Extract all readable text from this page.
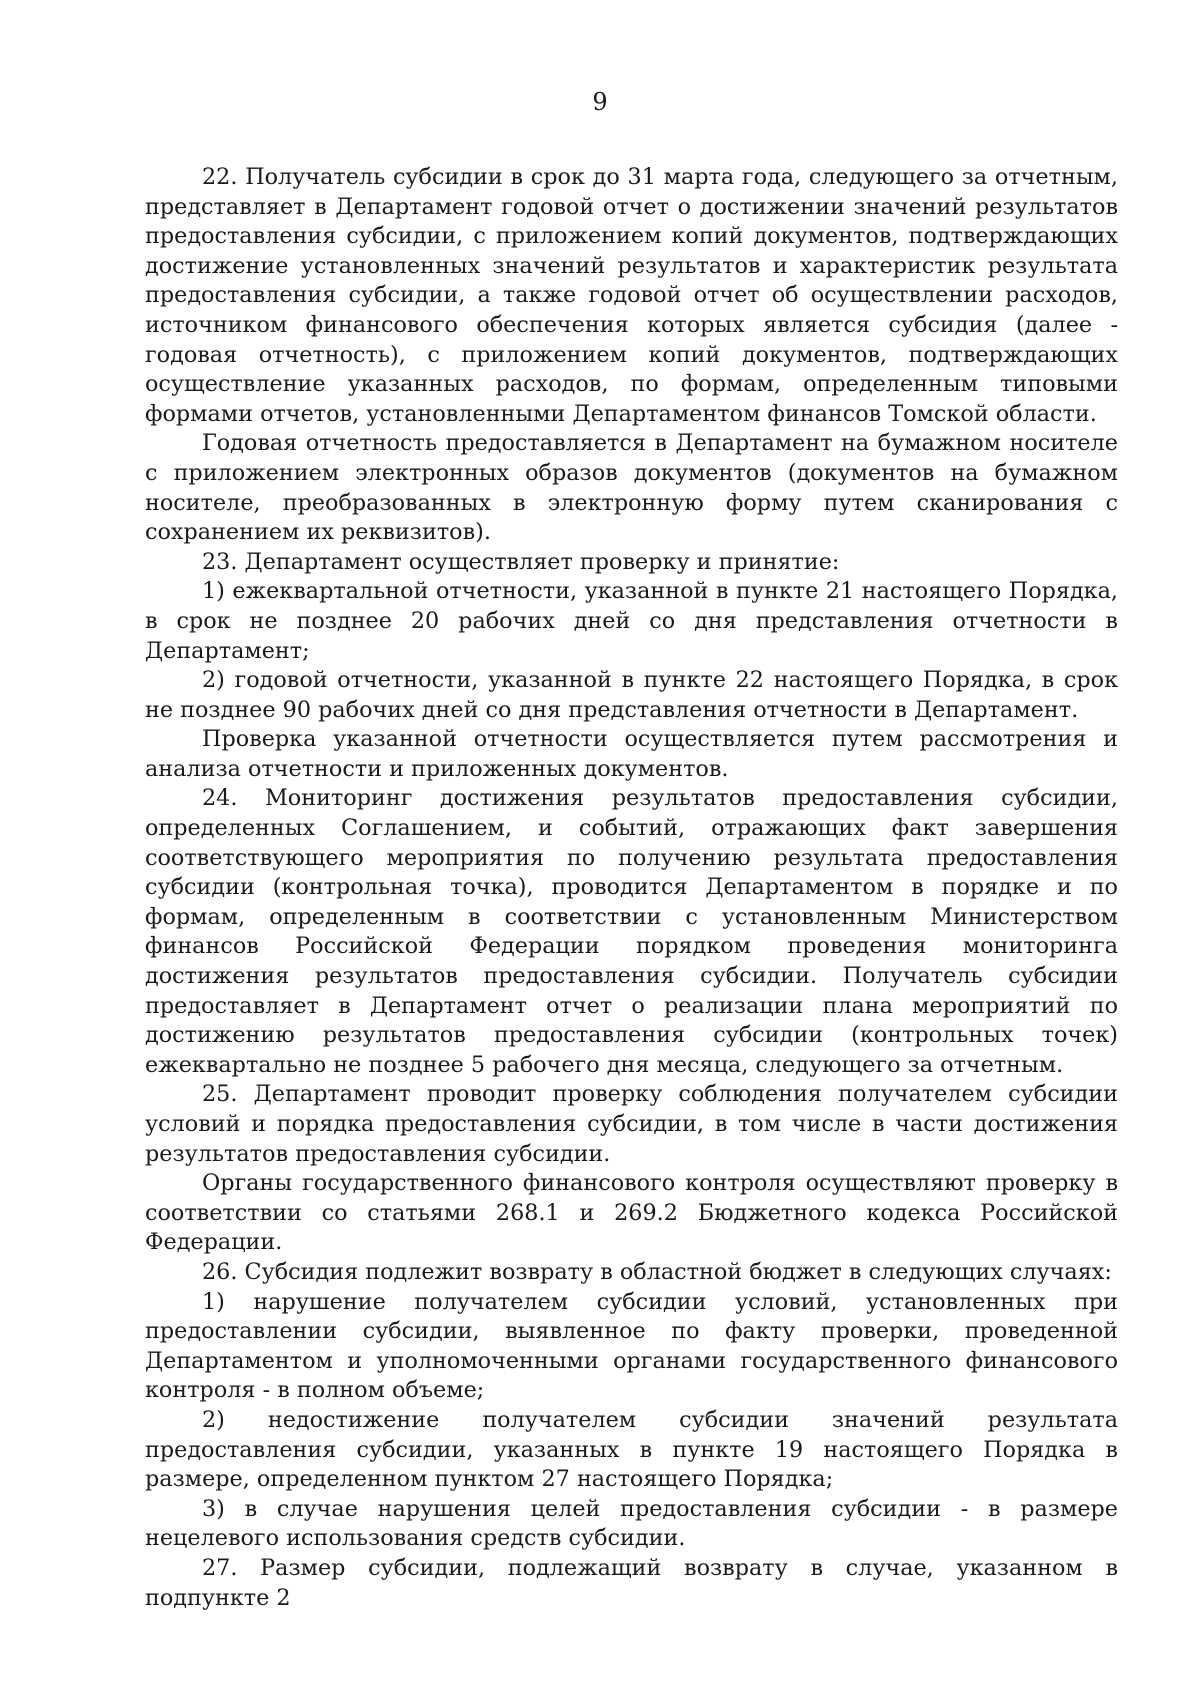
9

22. Получатель субсидии в срок до 31 марта года, следующего за отчетным, представляет в Департамент годовой отчет о достижении значений результатов предоставления субсидии, с приложением копий документов, подтверждающих достижение установленных значений результатов и характеристик результата предоставления субсидии, а также годовой отчет об осуществлении расходов, источником финансового обеспечения которых является субсидия (далее - годовая отчетность), с приложением копий документов, подтверждающих осуществление указанных расходов, по формам, определенным типовыми формами отчетов, установленными Департаментом финансов Томской области.

Годовая отчетность предоставляется в Департамент на бумажном носителе с приложением электронных образов документов (документов на бумажном носителе, преобразованных в электронную форму путем сканирования с сохранением их реквизитов).

23. Департамент осуществляет проверку и принятие:

1) ежеквартальной отчетности, указанной в пункте 21 настоящего Порядка, в срок не позднее 20 рабочих дней со дня представления отчетности в Департамент;

2) годовой отчетности, указанной в пункте 22 настоящего Порядка, в срок не позднее 90 рабочих дней со дня представления отчетности в Департамент.

Проверка указанной отчетности осуществляется путем рассмотрения и анализа отчетности и приложенных документов.

24. Мониторинг достижения результатов предоставления субсидии, определенных Соглашением, и событий, отражающих факт завершения соответствующего мероприятия по получению результата предоставления субсидии (контрольная точка), проводится Департаментом в порядке и по формам, определенным в соответствии с установленным Министерством финансов Российской Федерации порядком проведения мониторинга достижения результатов предоставления субсидии. Получатель субсидии предоставляет в Департамент отчет о реализации плана мероприятий по достижению результатов предоставления субсидии (контрольных точек) ежеквартально не позднее 5 рабочего дня месяца, следующего за отчетным.

25. Департамент проводит проверку соблюдения получателем субсидии условий и порядка предоставления субсидии, в том числе в части достижения результатов предоставления субсидии.

Органы государственного финансового контроля осуществляют проверку в соответствии со статьями 268.1 и 269.2 Бюджетного кодекса Российской Федерации.

26. Субсидия подлежит возврату в областной бюджет в следующих случаях:

1) нарушение получателем субсидии условий, установленных при предоставлении субсидии, выявленное по факту проверки, проведенной Департаментом и уполномоченными органами государственного финансового контроля - в полном объеме;

2) недостижение получателем субсидии значений результата предоставления субсидии, указанных в пункте 19 настоящего Порядка в размере, определенном пунктом 27 настоящего Порядка;

3) в случае нарушения целей предоставления субсидии - в размере нецелевого использования средств субсидии.

27. Размер субсидии, подлежащий возврату в случае, указанном в подпункте 2
